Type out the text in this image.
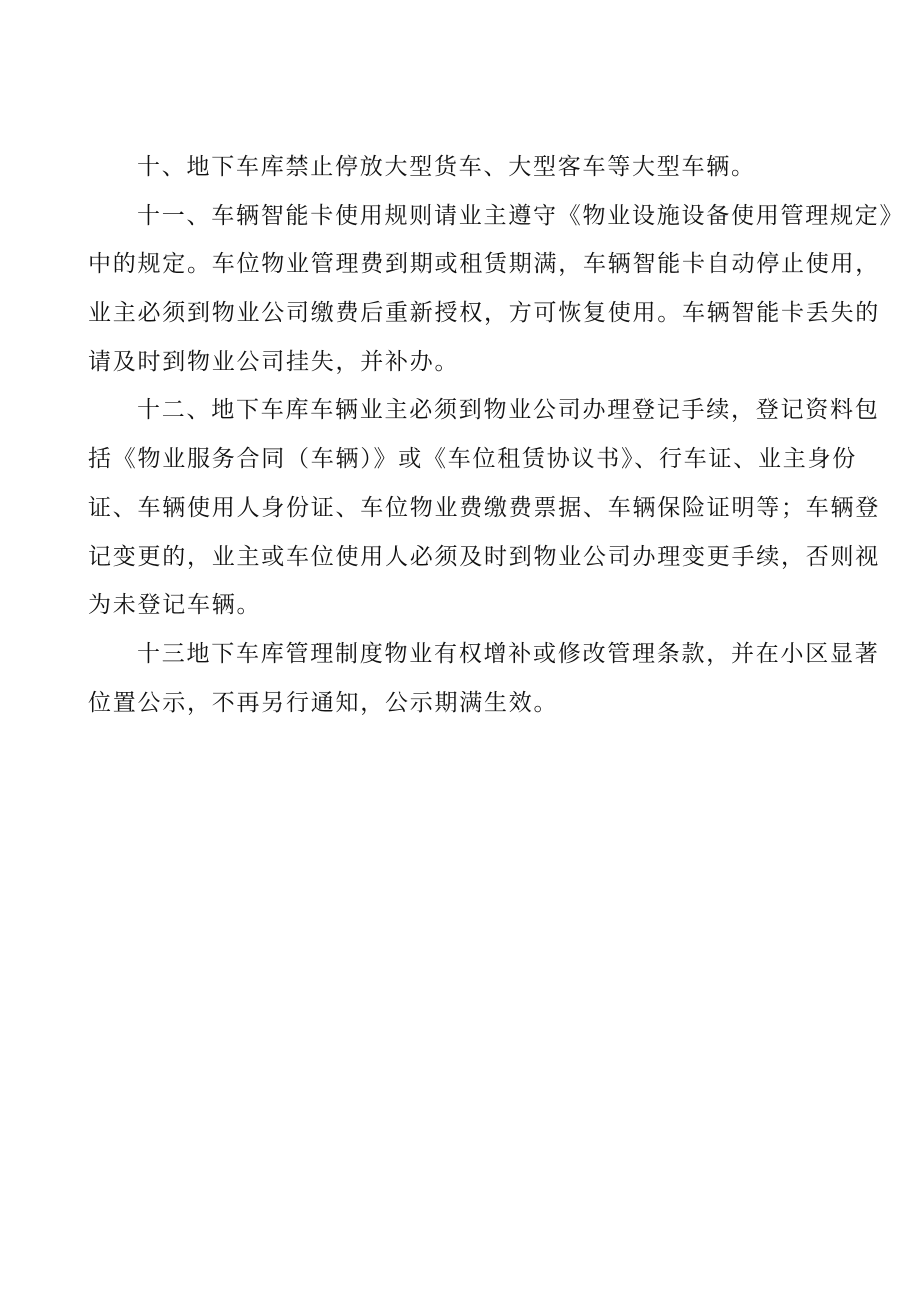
十、地下车库禁止停放大型货车、大型客车等大型车辆。
十一、车辆智能卡使用规则请业主遵守《物业设施设备使用管理规定》
中的规定。车位物业管理费到期或租赁期满，车辆智能卡自动停止使用，
业主必须到物业公司缴费后重新授权，方可恢复使用。车辆智能卡丢失的
请及时到物业公司挂失，并补办。
十二、地下车库车辆业主必须到物业公司办理登记手续，登记资料包
括《物业服务合同（车辆）》或《车位租赁协议书》、行车证、业主身份
证、车辆使用人身份证、车位物业费缴费票据、车辆保险证明等；车辆登
记变更的，业主或车位使用人必须及时到物业公司办理变更手续，否则视
为未登记车辆。
十三地下车库管理制度物业有权增补或修改管理条款，并在小区显著
位置公示，不再另行通知，公示期满生效。
